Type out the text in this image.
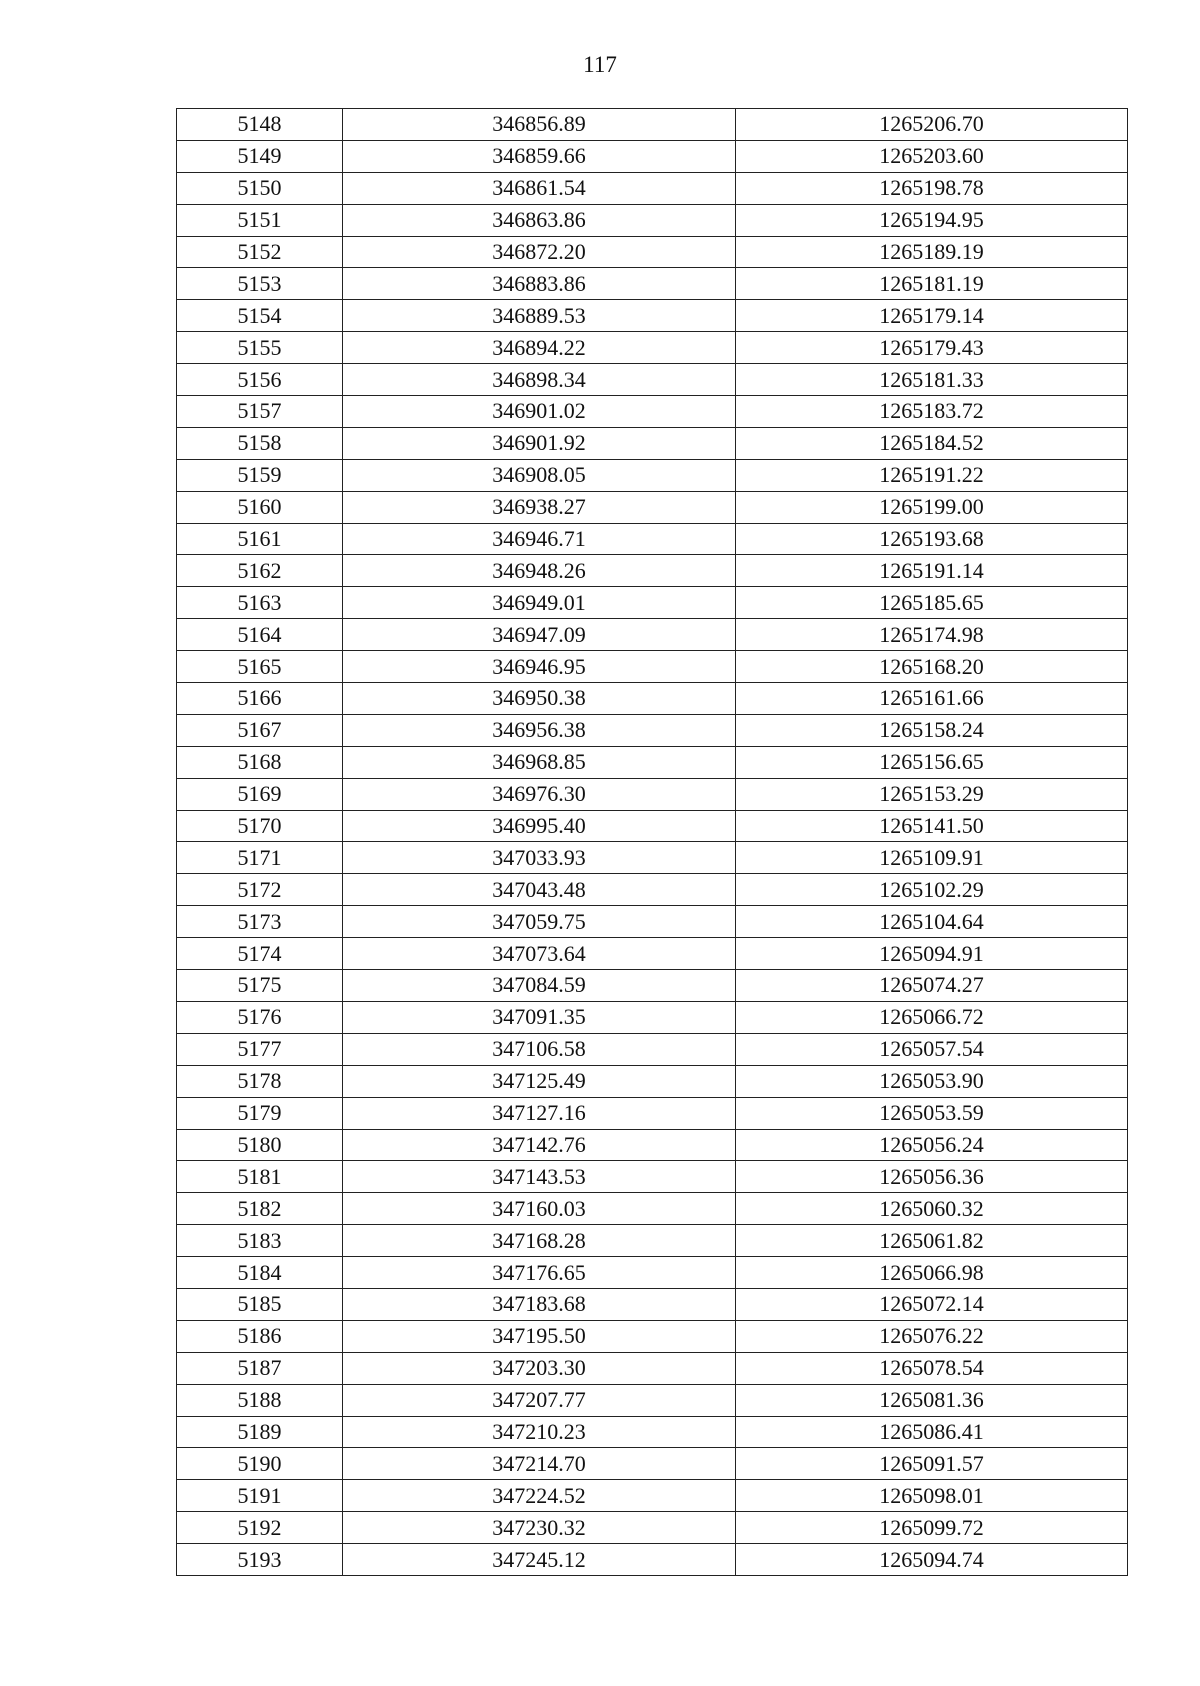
117
5148	346856.89	1265206.70
5149	346859.66	1265203.60
5150	346861.54	1265198.78
5151	346863.86	1265194.95
5152	346872.20	1265189.19
5153	346883.86	1265181.19
5154	346889.53	1265179.14
5155	346894.22	1265179.43
5156	346898.34	1265181.33
5157	346901.02	1265183.72
5158	346901.92	1265184.52
5159	346908.05	1265191.22
5160	346938.27	1265199.00
5161	346946.71	1265193.68
5162	346948.26	1265191.14
5163	346949.01	1265185.65
5164	346947.09	1265174.98
5165	346946.95	1265168.20
5166	346950.38	1265161.66
5167	346956.38	1265158.24
5168	346968.85	1265156.65
5169	346976.30	1265153.29
5170	346995.40	1265141.50
5171	347033.93	1265109.91
5172	347043.48	1265102.29
5173	347059.75	1265104.64
5174	347073.64	1265094.91
5175	347084.59	1265074.27
5176	347091.35	1265066.72
5177	347106.58	1265057.54
5178	347125.49	1265053.90
5179	347127.16	1265053.59
5180	347142.76	1265056.24
5181	347143.53	1265056.36
5182	347160.03	1265060.32
5183	347168.28	1265061.82
5184	347176.65	1265066.98
5185	347183.68	1265072.14
5186	347195.50	1265076.22
5187	347203.30	1265078.54
5188	347207.77	1265081.36
5189	347210.23	1265086.41
5190	347214.70	1265091.57
5191	347224.52	1265098.01
5192	347230.32	1265099.72
5193	347245.12	1265094.74
